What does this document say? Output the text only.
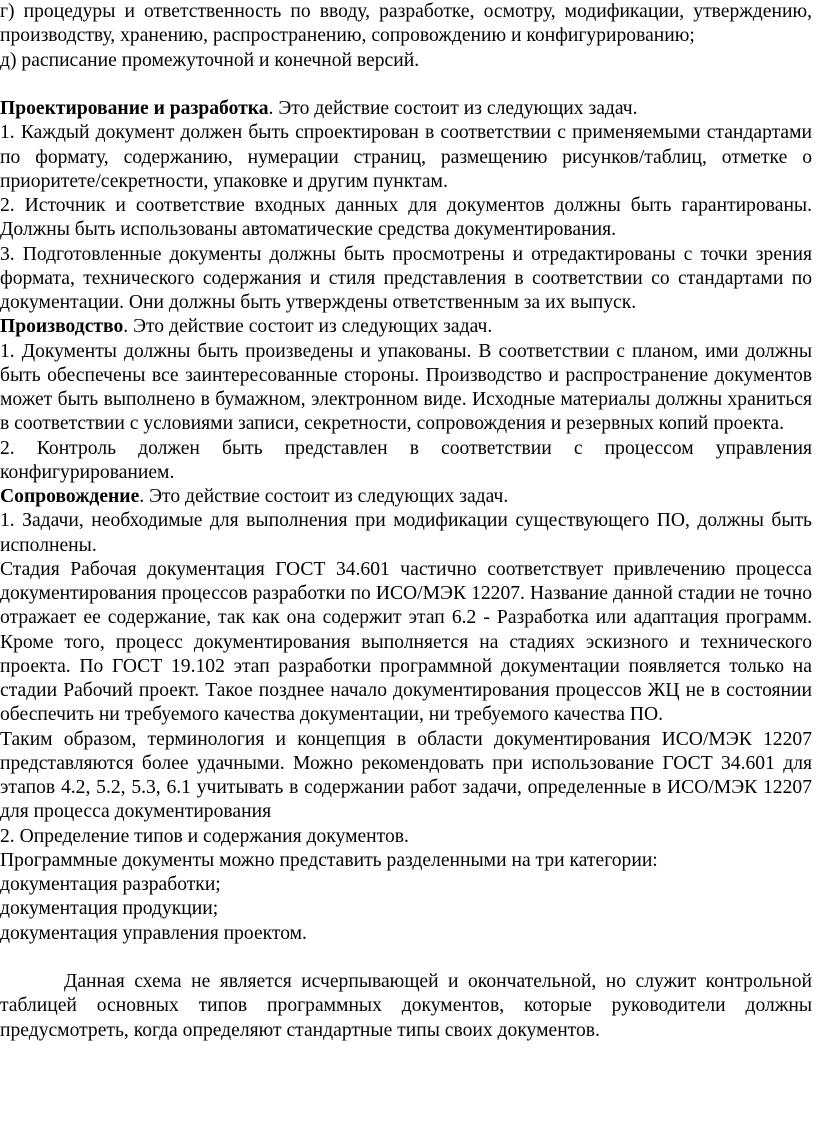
г) процедуры и ответственность по вводу, разработке, осмотру, модификации, утверждению, производству, хранению, распространению, сопровождению и конфигурированию;

д) расписание промежуточной и конечной версий.

Проектирование и разработка. Это действие состоит из следующих задач.

1. Каждый документ должен быть спроектирован в соответствии с применяемыми стандартами по формату, содержанию, нумерации страниц, размещению рисунков/таблиц, отметке о приоритете/секретности, упаковке и другим пунктам.

2. Источник и соответствие входных данных для документов должны быть гарантированы. Должны быть использованы автоматические средства документирования.

3. Подготовленные документы должны быть просмотрены и отредактированы с точки зрения формата, технического содержания и стиля представления в соответствии со стандартами по документации. Они должны быть утверждены ответственным за их выпуск.

Производство. Это действие состоит из следующих задач.

1. Документы должны быть произведены и упакованы. В соответствии с планом, ими должны быть обеспечены все заинтересованные стороны. Производство и распространение документов может быть выполнено в бумажном, электронном виде. Исходные материалы должны храниться в соответствии с условиями записи, секретности, сопровождения и резервных копий проекта.

2. Контроль должен быть представлен в соответствии с процессом управления конфигурированием.

Сопровождение. Это действие состоит из следующих задач.

1. Задачи, необходимые для выполнения при модификации существующего ПО, должны быть исполнены.

Стадия Рабочая документация ГОСТ 34.601 частично соответствует привлечению процесса документирования процессов разработки по ИСО/МЭК 12207. Название данной стадии не точно отражает ее содержание, так как она содержит этап 6.2 - Разработка или адаптация программ. Кроме того, процесс документирования выполняется на стадиях эскизного и технического проекта. По ГОСТ 19.102 этап разработки программной документации появляется только на стадии Рабочий проект. Такое позднее начало документирования процессов ЖЦ не в состоянии обеспечить ни требуемого качества документации, ни требуемого качества ПО.

Таким образом, терминология и концепция в области документирования ИСО/МЭК 12207 представляются более удачными. Можно рекомендовать при использование ГОСТ 34.601 для этапов 4.2, 5.2, 5.3, 6.1 учитывать в содержании работ задачи, определенные в ИСО/МЭК 12207 для процесса документирования

2. Определение типов и содержания документов.

Программные документы можно представить разделенными на три категории:

документация разработки;

документация продукции;

документация управления проектом.

Данная схема не является исчерпывающей и окончательной, но служит контрольной таблицей основных типов программных документов, которые руководители должны предусмотреть, когда определяют стандартные типы своих документов.
